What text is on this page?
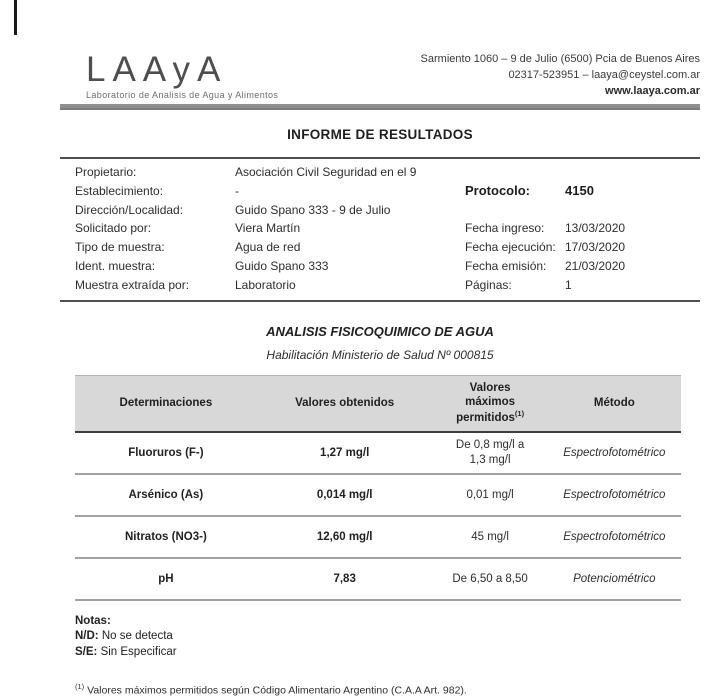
LAAyA
Laboratorio de Analisis de Agua y Alimentos
Sarmiento 1060 – 9 de Julio (6500) Pcia de Buenos Aires
02317-523951 – laaya@ceystel.com.ar
www.laaya.com.ar
INFORME DE RESULTADOS
Propietario:	Asociación Civil Seguridad en el 9
Establecimiento:	-
Dirección/Localidad:	Guido Spano 333 - 9 de Julio
Solicitado por:	Viera Martín
Tipo de muestra:	Agua de red
Ident. muestra:	Guido Spano 333
Muestra extraída por:	Laboratorio
Protocolo:	4150
Fecha ingreso:	13/03/2020
Fecha ejecución: 17/03/2020
Fecha emisión:	21/03/2020
Páginas:	1
ANALISIS FISICOQUIMICO DE AGUA
Habilitación Ministerio de Salud Nº 000815
Determinaciones	Valores obtenidos	Valores máximos permitidos$^{(1)}$	Método
Fluoruros (F-)	1,27 mg/l	De 0,8 mg/l a 1,3 mg/l	Espectrofotométrico
Arsénico (As)	0,014 mg/l	0,01 mg/l	Espectrofotométrico
Nitratos (NO3-)	12,60 mg/l	45 mg/l	Espectrofotométrico
pH	7,83	De 6,50 a 8,50	Potenciométrico
Notas:
N/D: No se detecta
S/E: Sin Especificar
$^{(1)}$ Valores máximos permitidos según Código Alimentario Argentino (C.A.A Art. 982).
